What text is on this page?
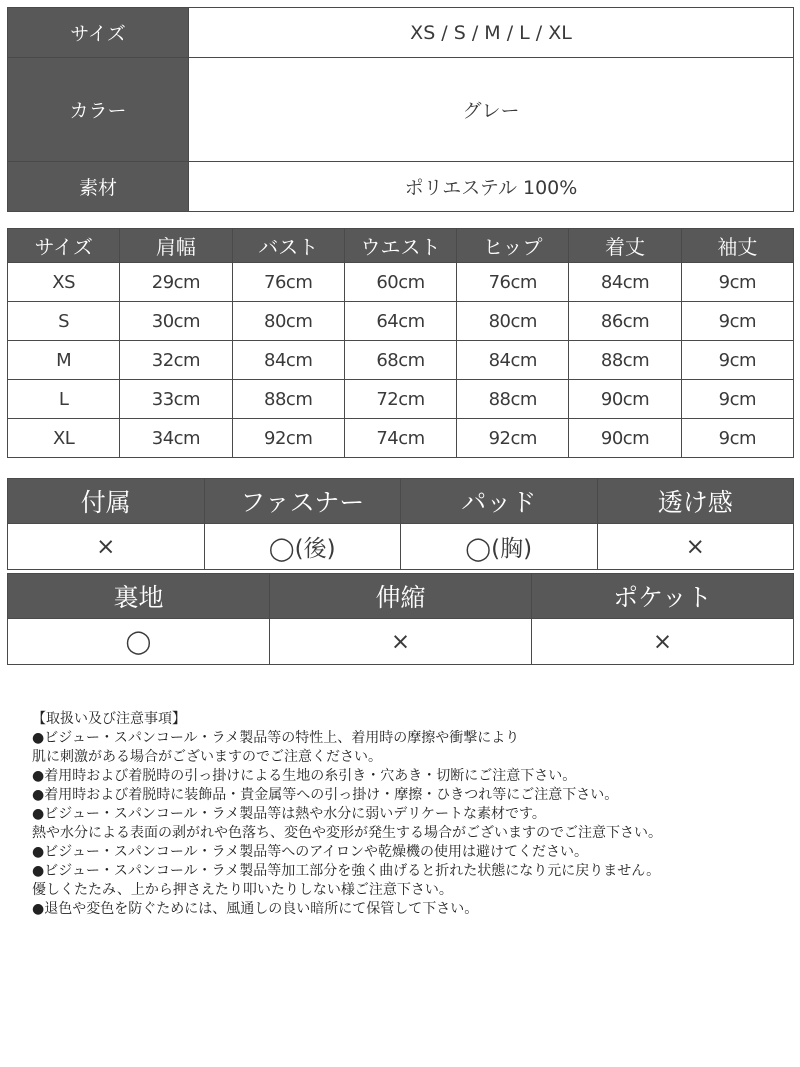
サイズ	XS / S / M / L / XL
カラー	グレー
素材	ポリエステル 100%
サイズ	肩幅	バスト	ウエスト	ヒップ	着丈	袖丈
XS	29cm	76cm	60cm	76cm	84cm	9cm
S	30cm	80cm	64cm	80cm	86cm	9cm
M	32cm	84cm	68cm	84cm	88cm	9cm
L	33cm	88cm	72cm	88cm	90cm	9cm
XL	34cm	92cm	74cm	92cm	90cm	9cm
付属	ファスナー	パッド	透け感
×	◯(後)	◯(胸)	×
裏地	伸縮	ポケット
◯	×	×
【取扱い及び注意事項】
●ビジュー・スパンコール・ラメ製品等の特性上、着用時の摩擦や衝撃により
肌に刺激がある場合がございますのでご注意ください。
●着用時および着脱時の引っ掛けによる生地の糸引き・穴あき・切断にご注意下さい。
●着用時および着脱時に装飾品・貴金属等への引っ掛け・摩擦・ひきつれ等にご注意下さい。
●ビジュー・スパンコール・ラメ製品等は熱や水分に弱いデリケートな素材です。
熱や水分による表面の剥がれや色落ち、変色や変形が発生する場合がございますのでご注意下さい。
●ビジュー・スパンコール・ラメ製品等へのアイロンや乾燥機の使用は避けてください。
●ビジュー・スパンコール・ラメ製品等加工部分を強く曲げると折れた状態になり元に戻りません。
優しくたたみ、上から押さえたり叩いたりしない様ご注意下さい。
●退色や変色を防ぐためには、風通しの良い暗所にて保管して下さい。
